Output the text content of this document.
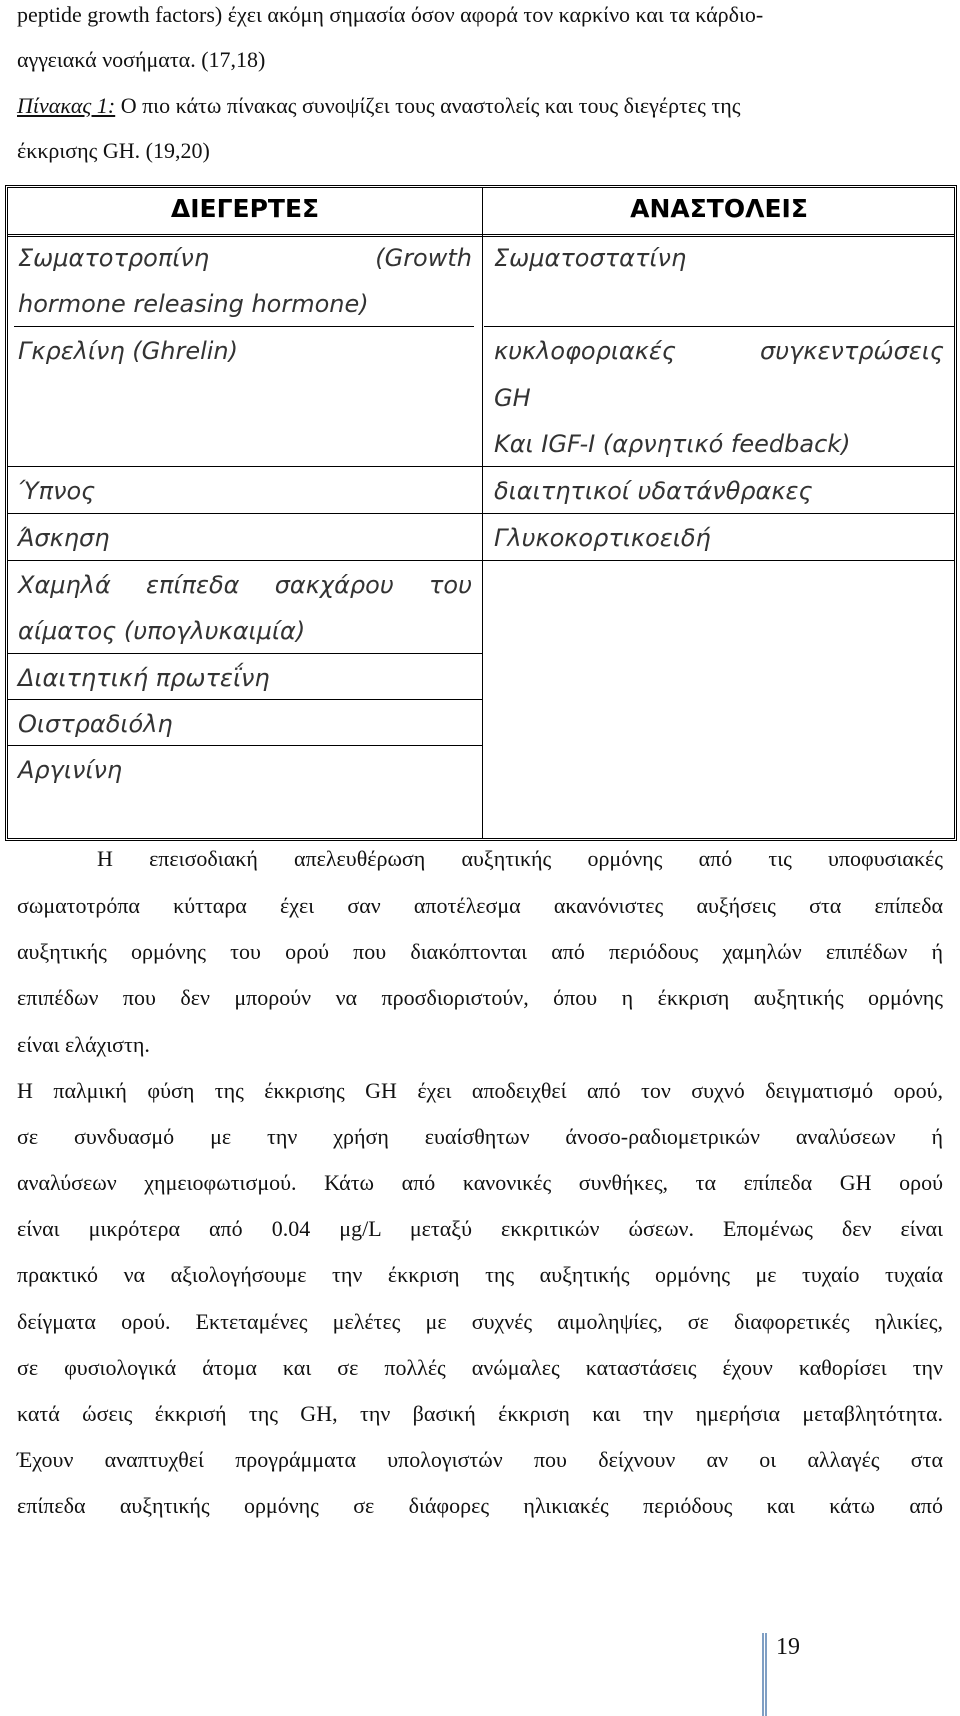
peptide growth factors) έχει ακόμη σημασία όσον αφορά τον καρκίνο και τα κάρδιο-
αγγειακά νοσήματα. (17,18)
Πίνακας 1: Ο πιο κάτω πίνακας συνοψίζει τους αναστολείς και τους διεγέρτες της
έκκρισης GH. (19,20)
ΔΙΕΓΕΡΤΕΣ	ΑΝΑΣΤΟΛΕΙΣ
Σωματοτροπίνη (Growth
hormone releasing hormone)
Γκρελίνη (Ghrelin)
Ύπνος
Άσκηση
Χαμηλά επίπεδα σακχάρου του
αίματος (υπογλυκαιμία)
Διαιτητική πρωτεΐνη
Οιστραδιόλη
Αργινίνη
Σωματοστατίνη
κυκλοφοριακές συγκεντρώσεις
GH
Και IGF-I (αρνητικό feedback)
διαιτητικοί υδατάνθρακες
Γλυκοκορτικοειδή
Η επεισοδιακή απελευθέρωση αυξητικής ορμόνης από τις υποφυσιακές
σωματοτρόπα κύτταρα έχει σαν αποτέλεσμα ακανόνιστες αυξήσεις στα επίπεδα
αυξητικής ορμόνης του ορού που διακόπτονται από περιόδους χαμηλών επιπέδων ή
επιπέδων που δεν μπορούν να προσδιοριστούν, όπου η έκκριση αυξητικής ορμόνης
είναι ελάχιστη.
Η παλμική φύση της έκκρισης GH έχει αποδειχθεί από τον συχνό δειγματισμό ορού,
σε συνδυασμό με την χρήση ευαίσθητων άνοσο-ραδιομετρικών αναλύσεων ή
αναλύσεων χημειοφωτισμού. Κάτω από κανονικές συνθήκες, τα επίπεδα GH ορού
είναι μικρότερα από 0.04 μg/L μεταξύ εκκριτικών ώσεων. Επομένως δεν είναι
πρακτικό να αξιολογήσουμε την έκκριση της αυξητικής ορμόνης με τυχαίο τυχαία
δείγματα ορού. Εκτεταμένες μελέτες με συχνές αιμοληψίες, σε διαφορετικές ηλικίες,
σε φυσιολογικά άτομα και σε πολλές ανώμαλες καταστάσεις έχουν καθορίσει την
κατά ώσεις έκκρισή της GH, την βασική έκκριση και την ημερήσια μεταβλητότητα.
Έχουν αναπτυχθεί προγράμματα υπολογιστών που δείχνουν αν οι αλλαγές στα
επίπεδα αυξητικής ορμόνης σε διάφορες ηλικιακές περιόδους και κάτω από
19
